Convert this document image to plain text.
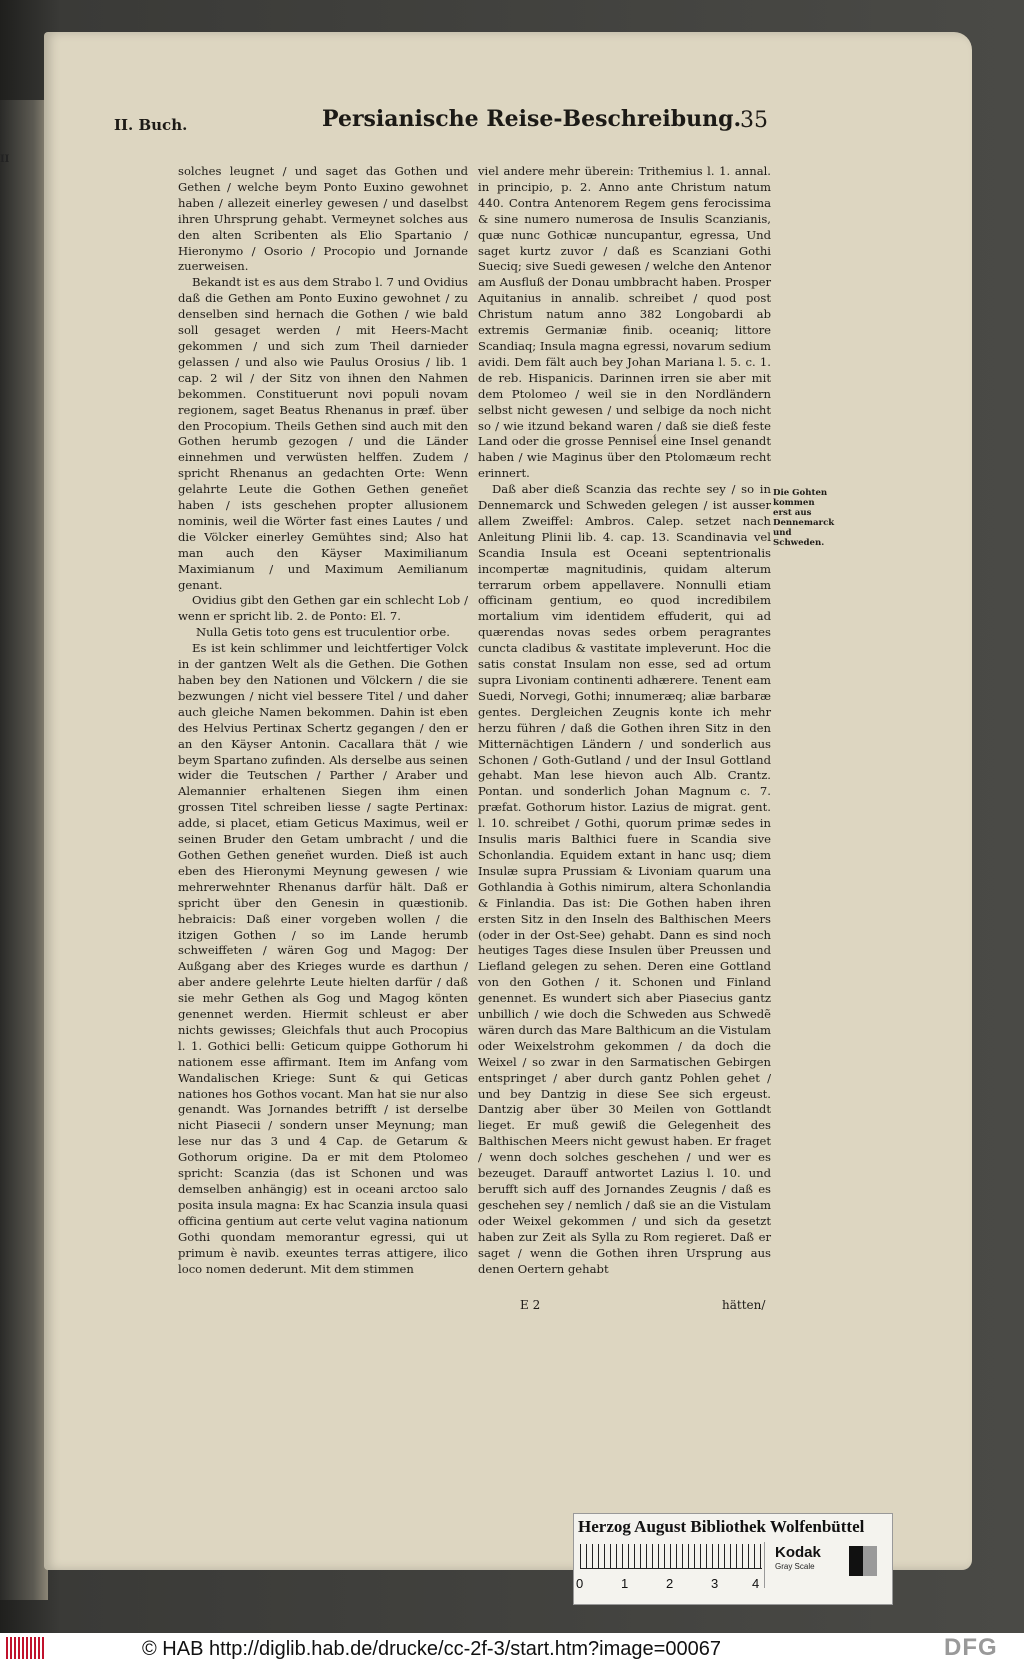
II
II. Buch.	Persianische Reise-Beschreibung.
35

solches leugnet / und saget das Gothen und Gethen / welche beym Ponto Euxino gewohnet haben / allezeit einerley gewesen / und daselbst ihren Uhrsprung gehabt. Vermeynet solches aus den alten Scribenten als Elio Spartanio / Hieronymo / Osorio / Procopio und Jornande zuerweisen.

Bekandt ist es aus dem Strabo l. 7 und Ovidius daß die Gethen am Ponto Euxino gewohnet / zu denselben sind hernach die Gothen / wie bald soll gesaget werden / mit Heers-Macht gekommen / und sich zum Theil darnieder gelassen / und also wie Paulus Orosius / lib. 1 cap. 2 wil / der Sitz von ihnen den Nahmen bekommen. Constituerunt novi populi novam regionem, saget Beatus Rhenanus in præf. über den Procopium. Theils Gethen sind auch mit den Gothen herumb gezogen / und die Länder einnehmen und verwüsten helffen. Zudem / spricht Rhenanus an gedachten Orte: Wenn gelahrte Leute die Gothen Gethen geneñet haben / ists geschehen propter allusionem nominis, weil die Wörter fast eines Lautes / und die Völcker einerley Gemühtes sind; Also hat man auch den Käyser Maximilianum Maximianum / und Maximum Aemilianum genant.

Ovidius gibt den Gethen gar ein schlecht Lob / wenn er spricht lib. 2. de Ponto: El. 7.

Nulla Getis toto gens est truculentior orbe.

Es ist kein schlimmer und leichtfertiger Volck in der gantzen Welt als die Gethen. Die Gothen haben bey den Nationen und Völckern / die sie bezwungen / nicht viel bessere Titel / und daher auch gleiche Namen bekommen. Dahin ist eben des Helvius Pertinax Schertz gegangen / den er an den Käyser Antonin. Cacallara thät / wie beym Spartano zufinden. Als derselbe aus seinen wider die Teutschen / Parther / Araber und Alemannier erhaltenen Siegen ihm einen grossen Titel schreiben liesse / sagte Pertinax: adde, si placet, etiam Geticus Maximus, weil er seinen Bruder den Getam umbracht / und die Gothen Gethen geneñet wurden. Dieß ist auch eben des Hieronymi Meynung gewesen / wie mehrerwehnter Rhenanus darfür hält. Daß er spricht über den Genesin in quæstionib. hebraicis: Daß einer vorgeben wollen / die itzigen Gothen / so im Lande herumb schweiffeten / wären Gog und Magog: Der Außgang aber des Krieges wurde es darthun / aber andere gelehrte Leute hielten darfür / daß sie mehr Gethen als Gog und Magog könten genennet werden. Hiermit schleust er aber nichts gewisses; Gleichfals thut auch Procopius l. 1. Gothici belli: Geticum quippe Gothorum hi nationem esse affirmant. Item im Anfang vom Wandalischen Kriege: Sunt & qui Geticas nationes hos Gothos vocant. Man hat sie nur also genandt. Was Jornandes betrifft / ist derselbe nicht Piasecii / sondern unser Meynung; man lese nur das 3 und 4 Cap. de Getarum & Gothorum origine. Da er mit dem Ptolomeo spricht: Scanzia (das ist Schonen und was demselben anhängig) est in oceani arctoo salo posita insula magna: Ex hac Scanzia insula quasi officina gentium aut certe velut vagina nationum Gothi quondam memorantur egressi, qui ut primum è navib. exeuntes terras attigere, ilico loco nomen dederunt. Mit dem stimmen

viel andere mehr überein: Trithemius l. 1. annal. in principio, p. 2. Anno ante Christum natum 440. Contra Antenorem Regem gens ferocissima & sine numero numerosa de Insulis Scanzianis, quæ nunc Gothicæ nuncupantur, egressa, Und saget kurtz zuvor / daß es Scanziani Gothi Sueciq; sive Suedi gewesen / welche den Antenor am Ausfluß der Donau umbbracht haben. Prosper Aquitanius in annalib. schreibet / quod post Christum natum anno 382 Longobardi ab extremis Germaniæ finib. oceaniq; littore Scandiaq; Insula magna egressi, novarum sedium avidi. Dem fält auch bey Johan Mariana l. 5. c. 1. de reb. Hispanicis. Darinnen irren sie aber mit dem Ptolomeo / weil sie in den Nordländern selbst nicht gewesen / und selbige da noch nicht so / wie itzund bekand waren / daß sie dieß feste Land oder die grosse Penniseĺ eine Insel genandt haben / wie Maginus über den Ptolomæum recht erinnert.

Daß aber dieß Scanzia das rechte sey / so in Dennemarck und Schweden gelegen / ist ausser allem Zweiffel: Ambros. Calep. setzet nach Anleitung Plinii lib. 4. cap. 13. Scandinavia vel Scandia Insula est Oceani septentrionalis incompertæ magnitudinis, quidam alterum terrarum orbem appellavere. Nonnulli etiam officinam gentium, eo quod incredibilem mortalium vim identidem effuderit, qui ad quærendas novas sedes orbem peragrantes cuncta cladibus & vastitate impleverunt. Hoc die satis constat Insulam non esse, sed ad ortum supra Livoniam continenti adhærere. Tenent eam Suedi, Norvegi, Gothi; innumeræq; aliæ barbaræ gentes. Dergleichen Zeugnis konte ich mehr herzu führen / daß die Gothen ihren Sitz in den Mitternächtigen Ländern / und sonderlich aus Schonen / Goth-Gutland / und der Insul Gottland gehabt. Man lese hievon auch Alb. Crantz. Pontan. und sonderlich Johan Magnum c. 7. præfat. Gothorum histor. Lazius de migrat. gent. l. 10. schreibet / Gothi, quorum primæ sedes in Insulis maris Balthici fuere in Scandia sive Schonlandia. Equidem extant in hanc usq; diem Insulæ supra Prussiam & Livoniam quarum una Gothlandia à Gothis nimirum, altera Schonlandia & Finlandia. Das ist: Die Gothen haben ihren ersten Sitz in den Inseln des Balthischen Meers (oder in der Ost-See) gehabt. Dann es sind noch heutiges Tages diese Insulen über Preussen und Liefland gelegen zu sehen. Deren eine Gottland von den Gothen / it. Schonen und Finland genennet. Es wundert sich aber Piasecius gantz unbillich / wie doch die Schweden aus Schwedẽ wären durch das Mare Balthicum an die Vistulam oder Weixelstrohm gekommen / da doch die Weixel / so zwar in den Sarmatischen Gebirgen entspringet / aber durch gantz Pohlen gehet / und bey Dantzig in diese See sich ergeust. Dantzig aber über 30 Meilen von Gottlandt lieget. Er muß gewiß die Gelegenheit des Balthischen Meers nicht gewust haben. Er fraget / wenn doch solches geschehen / und wer es bezeuget. Darauff antwortet Lazius l. 10. und berufft sich auff des Jornandes Zeugnis / daß es geschehen sey / nemlich / daß sie an die Vistulam oder Weixel gekommen / und sich da gesetzt haben zur Zeit als Sylla zu Rom regieret. Daß er saget / wenn die Gothen ihren Ursprung aus denen Oertern gehabt

Die Gohten kommen erst aus Dennemarck und Schweden.
E 2	hätten/
Herzog August Bibliothek Wolfenbüttel
0	1	2	3	4
Kodak
Gray Scale
© HAB http://diglib.hab.de/drucke/cc-2f-3/start.htm?image=00067	DFG
